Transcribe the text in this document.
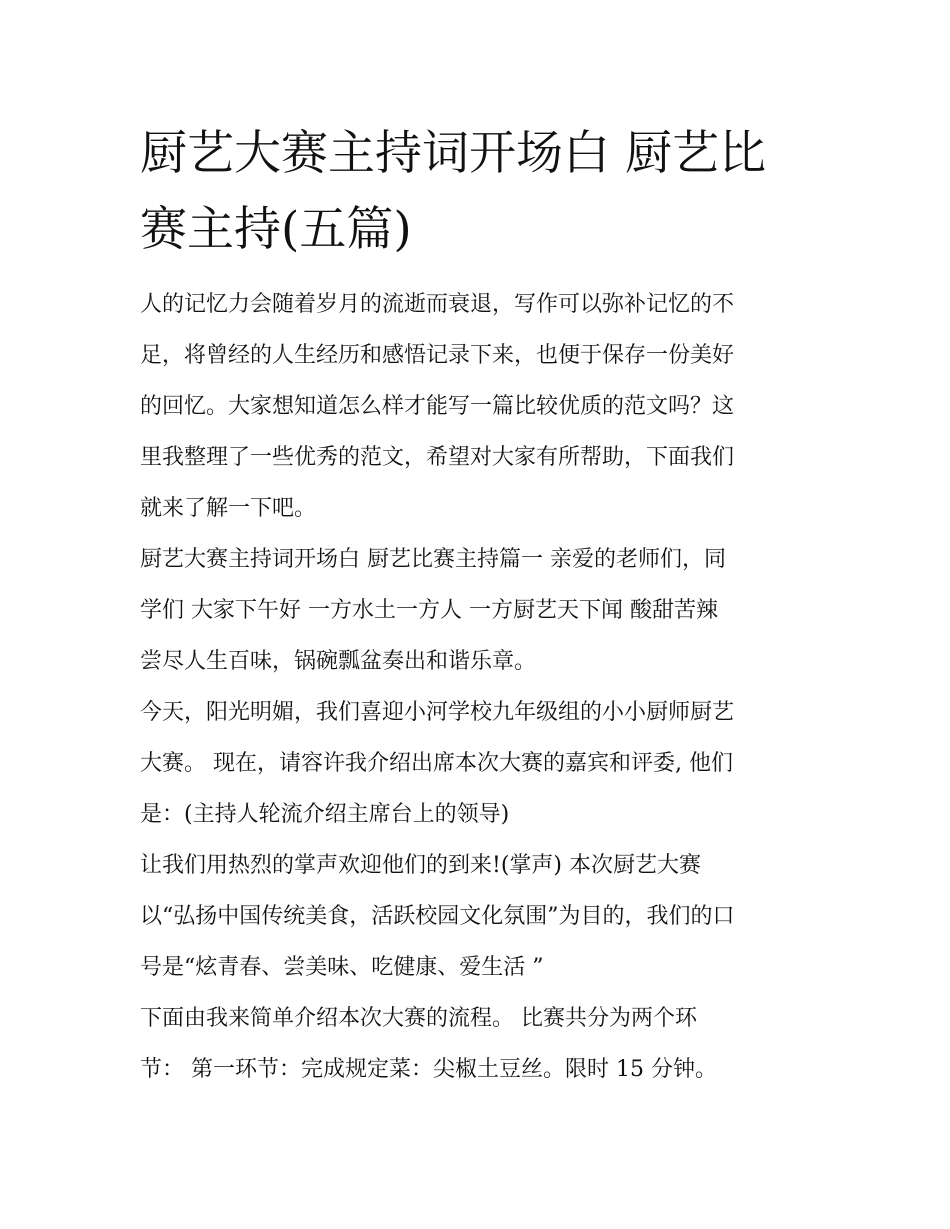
厨艺大赛主持词开场白 厨艺比
赛主持(五篇)
人的记忆力会随着岁月的流逝而衰退，写作可以弥补记忆的不
足，将曾经的人生经历和感悟记录下来，也便于保存一份美好
的回忆。大家想知道怎么样才能写一篇比较优质的范文吗？这
里我整理了一些优秀的范文，希望对大家有所帮助，下面我们
就来了解一下吧。
厨艺大赛主持词开场白 厨艺比赛主持篇一 亲爱的老师们，同
学们 大家下午好 一方水土一方人 一方厨艺天下闻 酸甜苦辣
尝尽人生百味，锅碗瓢盆奏出和谐乐章。
今天，阳光明媚，我们喜迎小河学校九年级组的小小厨师厨艺
大赛。 现在，请容许我介绍出席本次大赛的嘉宾和评委, 他们
是：(主持人轮流介绍主席台上的领导)
让我们用热烈的掌声欢迎他们的到来!(掌声) 本次厨艺大赛
以“弘扬中国传统美食，活跃校园文化氛围”为目的，我们的口
号是“炫青春、尝美味、吃健康、爱生活 ”
下面由我来简单介绍本次大赛的流程。 比赛共分为两个环
节： 第一环节：完成规定菜：尖椒土豆丝。限时 15 分钟。
